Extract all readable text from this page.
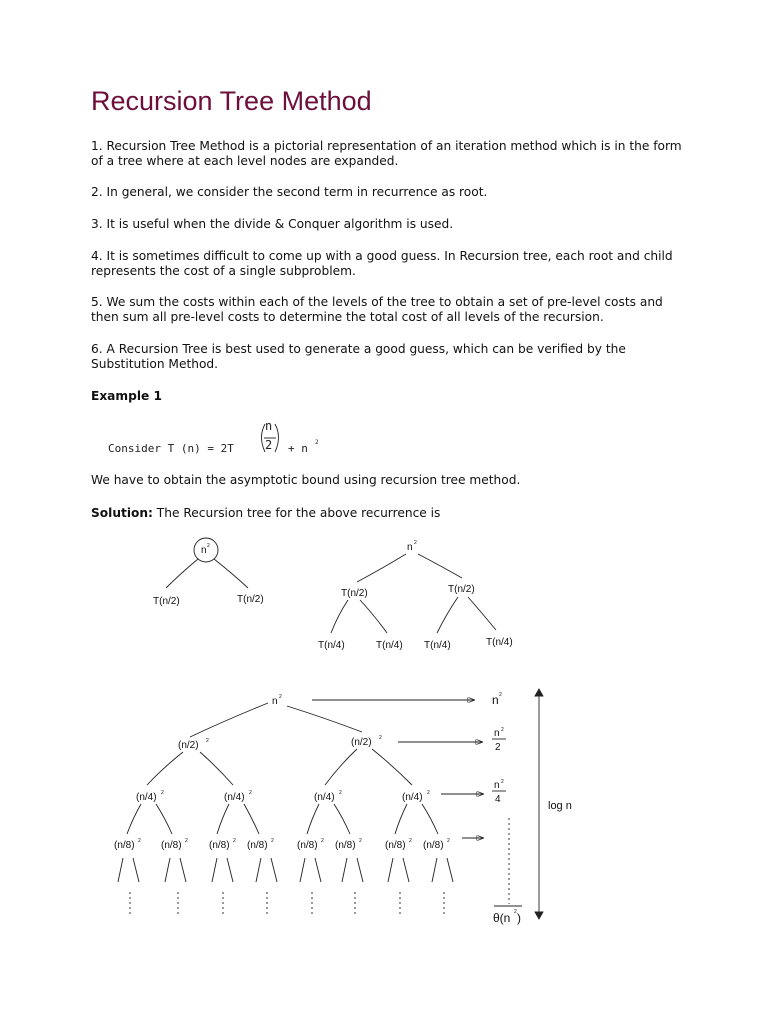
Recursion Tree Method

1. Recursion Tree Method is a pictorial representation of an iteration method which is in the form of a tree where at each level nodes are expanded.

2. In general, we consider the second term in recurrence as root.

3. It is useful when the divide & Conquer algorithm is used.

4. It is sometimes difficult to come up with a good guess. In Recursion tree, each root and child represents the cost of a single subproblem.

5. We sum the costs within each of the levels of the tree to obtain a set of pre-level costs and then sum all pre-level costs to determine the total cost of all levels of the recursion.

6. A Recursion Tree is best used to generate a good guess, which can be verified by the Substitution Method.

Example 1

Consider T (n) = 2T
n
2 + n 2

We have to obtain the asymptotic bound using recursion tree method.

Solution: The Recursion tree for the above recurrence is

n 2
T(n/2)	T(n/2)
n 2
T(n/2)	T(n/2)
T(n/4)	T(n/4) T(n/4)	T(n/4)
n 2
(n/2) 2	(n/2) 2
(n/4) 2	(n/4) 2	(n/4) 2	(n/4) 2
(n/8) 2 (n/8) 2 (n/8) 2 (n/8) 2 (n/8) 2 (n/8) 2 (n/8) 2 (n/8) 2
n 2
n 2
2
n 2
4
θ(n 2 )
log n
